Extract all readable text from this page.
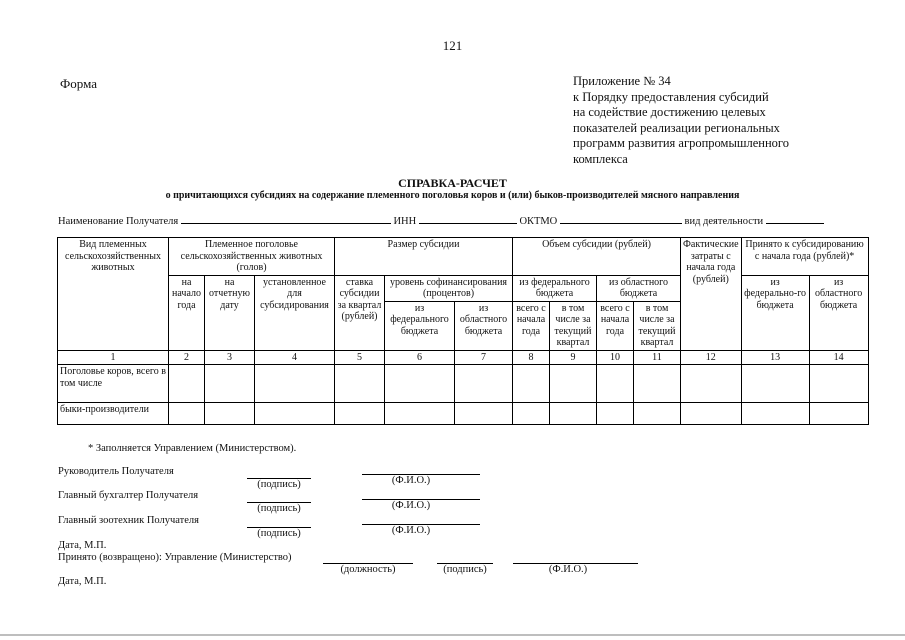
121
Форма	Приложение № 34
к Порядку предоставления субсидий
на содействие достижению целевых
показателей реализации региональных
программ развития агропромышленного
комплекса
СПРАВКА-РАСЧЕТ
о причитающихся субсидиях на содержание племенного поголовья коров и (или) быков-производителей мясного направления
Наименование Получателя	ИНН	ОКТМО	вид деятельности
Вид племенных сельскохозяйственных животных	Племенное поголовье сельскохозяйственных животных (голов)			Размер субсидии			Объем субсидии (рублей)				Фактические затраты с начала года (рублей)	Принято к субсидированию с начала года (рублей)*	
	на начало года	на отчетную дату	установленное для субсидирования	ставка субсидии за квартал (рублей)	уровень софинансирования (процентов)		из федерального бюджета		из областного бюджета			из федерально-го бюджета	из областного бюджета
					из федерального бюджета	из областного бюджета	всего с начала года	в том числе за текущий квартал	всего с начала года	в том числе за текущий квартал			
1	2	3	4	5	6	7	8	9	10	11	12	13	14
Поголовье коров, всего в том числе													
быки-производители													
* Заполняется Управлением (Министерством).
Руководитель Получателя
(подпись)	(Ф.И.О.)
Главный бухгалтер Получателя
(подпись)	(Ф.И.О.)
Главный зоотехник Получателя
(подпись)	(Ф.И.О.)
Дата, М.П.
Принято (возвращено): Управление (Министерство)
(должность)	(подпись)	(Ф.И.О.)
Дата, М.П.
